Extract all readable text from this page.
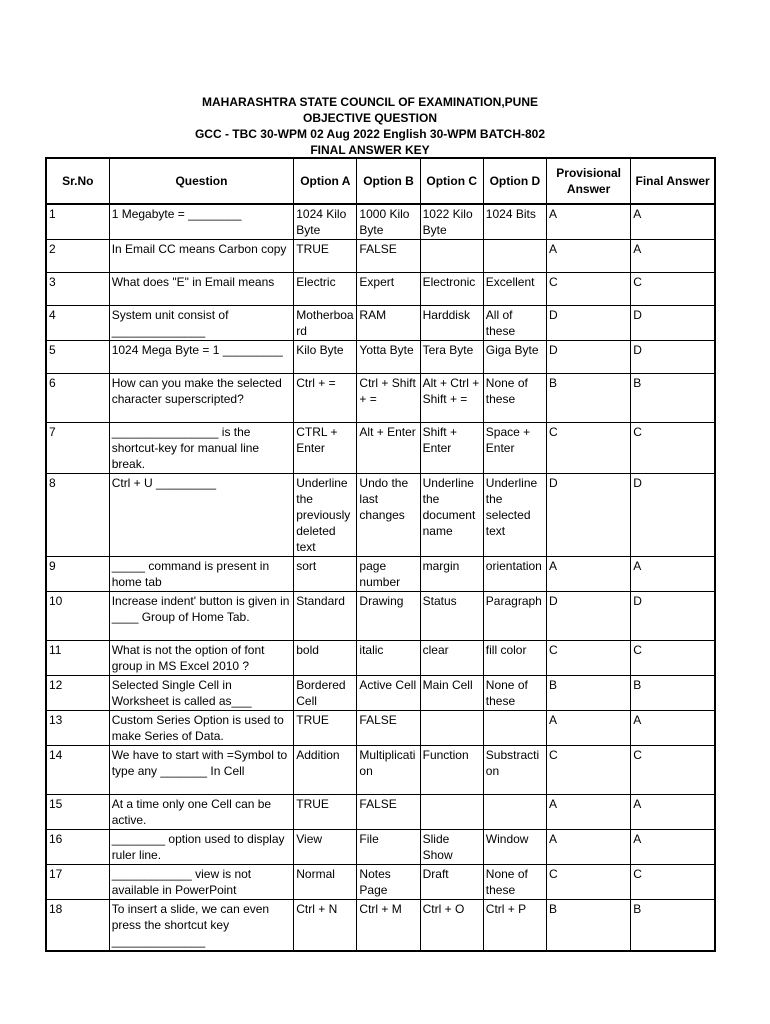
MAHARASHTRA STATE COUNCIL OF EXAMINATION,PUNE
OBJECTIVE QUESTION
GCC - TBC 30-WPM 02 Aug 2022 English 30-WPM BATCH-802
FINAL ANSWER KEY
Sr.No	Question	Option A	Option B	Option C	Option D	Provisional Answer	Final Answer
1	1 Megabyte = ________	1024 Kilo Byte	1000 Kilo Byte	1022 Kilo Byte	1024 Bits	A	A
2	In Email CC means Carbon copy	TRUE	FALSE			A	A
3	What does "E" in Email means	Electric	Expert	Electronic	Excellent	C	C
4	System unit consist of ______________	Motherboard	RAM	Harddisk	All of these	D	D
5	1024 Mega Byte = 1 _________	Kilo Byte	Yotta Byte	Tera Byte	Giga Byte	D	D
6	How can you make the selected character superscripted?	Ctrl + =	Ctrl + Shift + =	Alt + Ctrl + Shift + =	None of these	B	B
7	________________ is the shortcut-key for manual line break.	CTRL + Enter	Alt + Enter	Shift + Enter	Space + Enter	C	C
8	Ctrl + U _________	Underline the previously deleted text	Undo the last changes	Underline the document name	Underline the selected text	D	D
9	_____ command is present in home tab	sort	page number	margin	orientation	A	A
10	Increase indent' button is given in ____ Group of Home Tab.	Standard	Drawing	Status	Paragraph	D	D
11	What is not the option of font group in MS Excel 2010 ?	bold	italic	clear	fill color	C	C
12	Selected Single Cell in Worksheet is called as___	Bordered Cell	Active Cell	Main Cell	None of these	B	B
13	Custom Series Option is used to make Series of Data.	TRUE	FALSE			A	A
14	We have to start with =Symbol to type any _______ In Cell	Addition	Multiplication	Function	Substraction	C	C
15	At a time only one Cell can be active.	TRUE	FALSE			A	A
16	________ option used to display ruler line.	View	File	Slide Show	Window	A	A
17	____________ view is not available in PowerPoint	Normal	Notes Page	Draft	None of these	C	C
18	To insert a slide, we can even press the shortcut key ______________	Ctrl + N	Ctrl + M	Ctrl + O	Ctrl + P	B	B
